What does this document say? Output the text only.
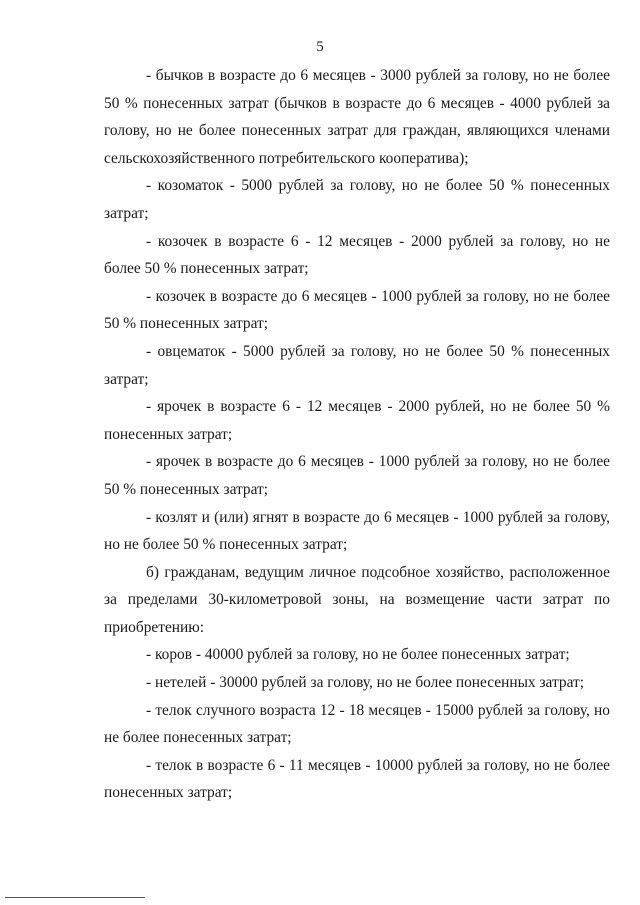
5

- бычков в возрасте до 6 месяцев - 3000 рублей за голову, но не более 50 % понесенных затрат (бычков в возрасте до 6 месяцев - 4000 рублей за голову, но не более понесенных затрат для граждан, являющихся членами сельскохозяйственного потребительского кооператива);

- козоматок - 5000 рублей за голову, но не более 50 % понесенных затрат;

- козочек в возрасте 6 - 12 месяцев - 2000 рублей за голову, но не более 50 % понесенных затрат;

- козочек в возрасте до 6 месяцев - 1000 рублей за голову, но не более 50 % понесенных затрат;

- овцематок - 5000 рублей за голову, но не более 50 % понесенных затрат;

- ярочек в возрасте 6 - 12 месяцев - 2000 рублей, но не более 50 % понесенных затрат;

- ярочек в возрасте до 6 месяцев - 1000 рублей за голову, но не более 50 % понесенных затрат;

- козлят и (или) ягнят в возрасте до 6 месяцев - 1000 рублей за голову, но не более 50 % понесенных затрат;

б) гражданам, ведущим личное подсобное хозяйство, расположенное за пределами 30-километровой зоны, на возмещение части затрат по приобретению:

- коров - 40000 рублей за голову, но не более понесенных затрат;

- нетелей - 30000 рублей за голову, но не более понесенных затрат;

- телок случного возраста 12 - 18 месяцев - 15000 рублей за голову, но не более понесенных затрат;

- телок в возрасте 6 - 11 месяцев - 10000 рублей за голову, но не более понесенных затрат;
